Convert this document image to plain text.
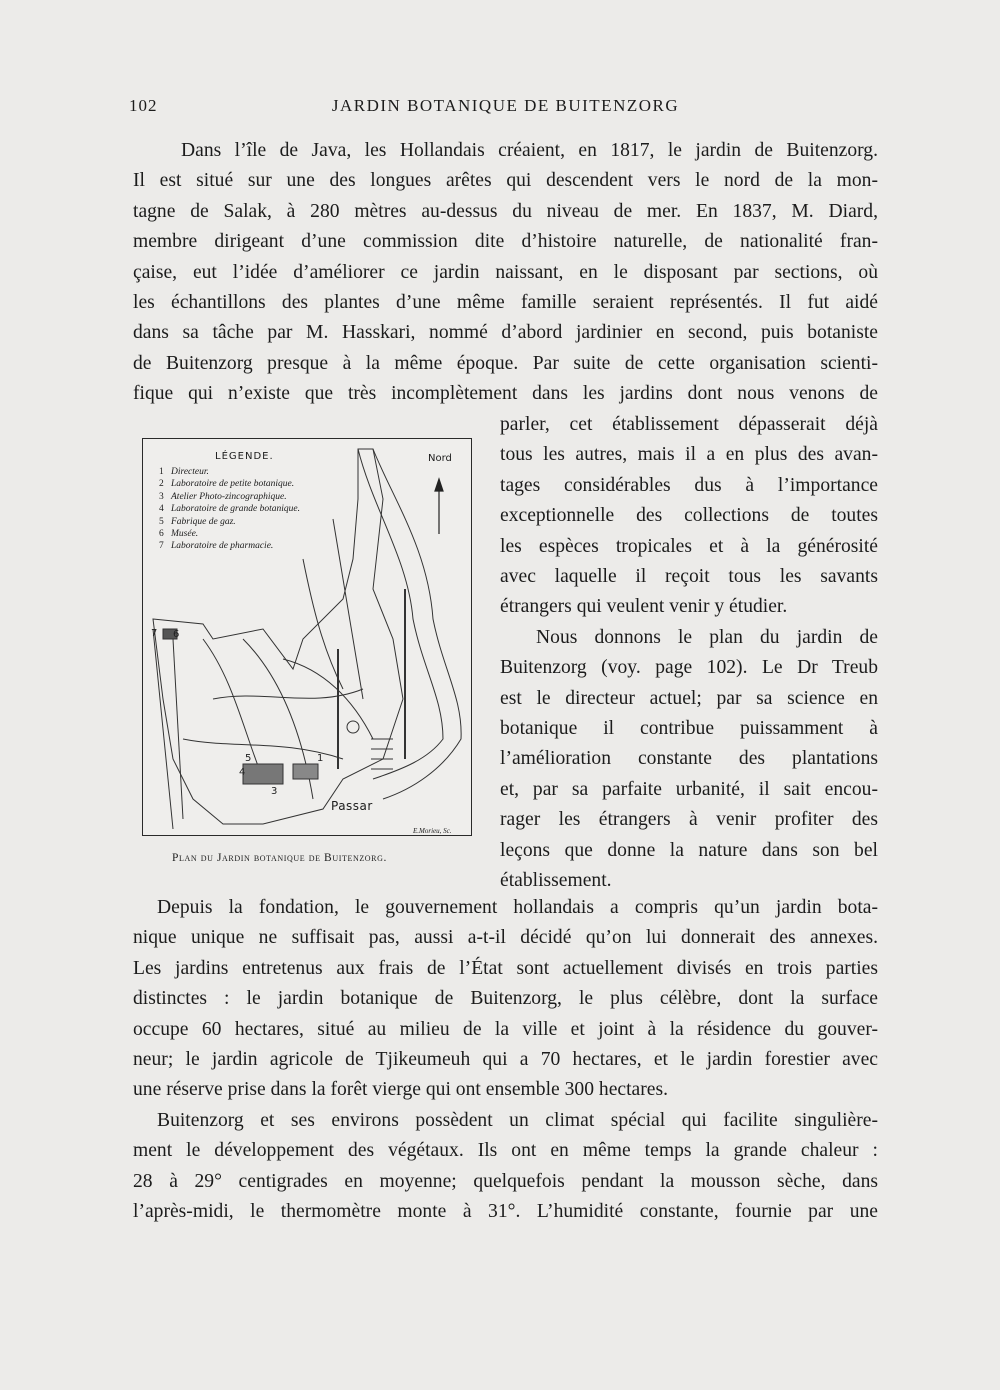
102	JARDIN BOTANIQUE DE BUITENZORG

Dans l’île de Java, les Hollandais créaient, en 1817, le jardin de Buitenzorg.

Il est situé sur une des longues arêtes qui descendent vers le nord de la mon-
tagne de Salak, à 280 mètres au-dessus du niveau de mer. En 1837, M. Diard,
membre dirigeant d’une commission dite d’histoire naturelle, de nationalité fran-
çaise, eut l’idée d’améliorer ce jardin naissant, en le disposant par sections, où
les échantillons des plantes d’une même famille seraient représentés. Il fut aidé
dans sa tâche par M. Hasskari, nommé d’abord jardinier en second, puis botaniste
de Buitenzorg presque à la même époque. Par suite de cette organisation scienti-
fique qui n’existe que très incomplètement dans les jardins dont nous venons de

parler, cet établissement dépasserait déjà
tous les autres, mais il a en plus des avan-
tages considérables dus à l’importance
exceptionnelle des collections de toutes
les espèces tropicales et à la générosité
avec laquelle il reçoit tous les savants
étrangers qui veulent venir y étudier.
Nous donnons le plan du jardin de
Buitenzorg (voy. page 102). Le Dr Treub
est le directeur actuel; par sa science en
botanique il contribue puissamment à
l’amélioration constante des plantations
et, par sa parfaite urbanité, il sait encou-
rager les étrangers à venir profiter des
leçons que donne la nature dans son bel
établissement.
7 6
5
4
3
1
LÉGENDE.
1 Directeur.
2 Laboratoire de petite botanique.
3 Atelier Photo-zincographique.
4 Laboratoire de grande botanique.
5 Fabrique de gaz.
6 Musée.
7 Laboratoire de pharmacie.
Nord
Passar
E.Morieu, Sc.
Plan du Jardin botanique de Buitenzorg.

Depuis la fondation, le gouvernement hollandais a compris qu’un jardin bota-
nique unique ne suffisait pas, aussi a-t-il décidé qu’on lui donnerait des annexes.
Les jardins entretenus aux frais de l’État sont actuellement divisés en trois parties
distinctes : le jardin botanique de Buitenzorg, le plus célèbre, dont la surface
occupe 60 hectares, situé au milieu de la ville et joint à la résidence du gouver-
neur; le jardin agricole de Tjikeumeuh qui a 70 hectares, et le jardin forestier avec
une réserve prise dans la forêt vierge qui ont ensemble 300 hectares.

Buitenzorg et ses environs possèdent un climat spécial qui facilite singulière-
ment le développement des végétaux. Ils ont en même temps la grande chaleur :
28 à 29° centigrades en moyenne; quelquefois pendant la mousson sèche, dans
l’après-midi, le thermomètre monte à 31°. L’humidité constante, fournie par une
